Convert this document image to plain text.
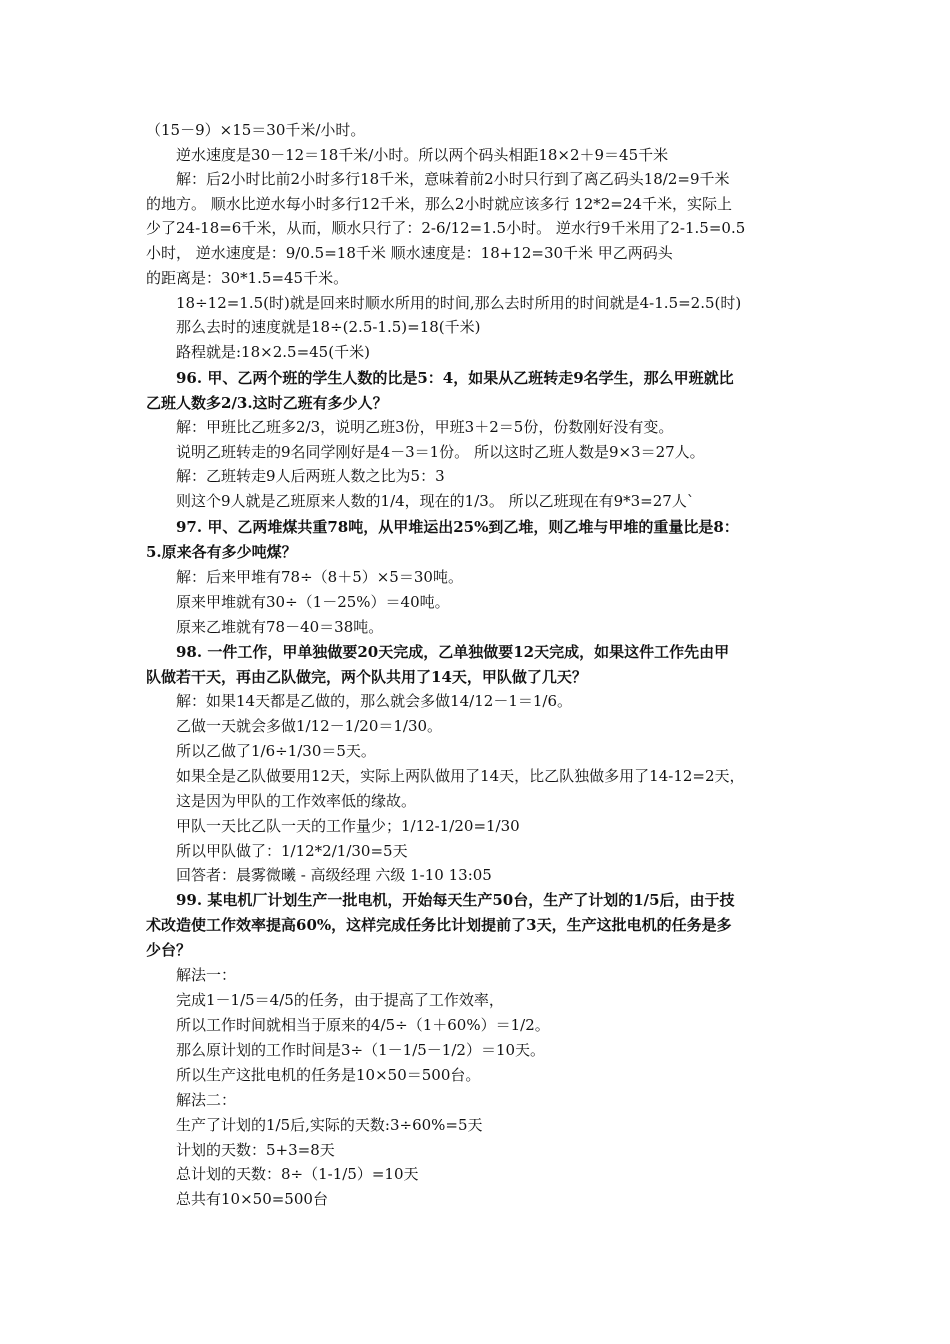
（15－9）×15＝30千米/小时。
逆水速度是30－12＝18千米/小时。所以两个码头相距18×2＋9＝45千米
解：后2小时比前2小时多行18千米，意味着前2小时只行到了离乙码头18/2=9千米
的地方。 顺水比逆水每小时多行12千米，那么2小时就应该多行 12*2=24千米，实际上
少了24-18=6千米，从而，顺水只行了：2-6/12=1.5小时。 逆水行9千米用了2-1.5=0.5
小时， 逆水速度是：9/0.5=18千米 顺水速度是：18+12=30千米 甲乙两码头
的距离是：30*1.5=45千米。
18÷12=1.5(时)就是回来时顺水所用的时间,那么去时所用的时间就是4-1.5=2.5(时)
那么去时的速度就是18÷(2.5-1.5)=18(千米)
路程就是:18×2.5=45(千米)
96. 甲、乙两个班的学生人数的比是5：4，如果从乙班转走9名学生，那么甲班就比
乙班人数多2/3.这时乙班有多少人？
解：甲班比乙班多2/3，说明乙班3份，甲班3＋2＝5份，份数刚好没有变。
说明乙班转走的9名同学刚好是4－3＝1份。 所以这时乙班人数是9×3＝27人。
解：乙班转走9人后两班人数之比为5：3
则这个9人就是乙班原来人数的1/4，现在的1/3。 所以乙班现在有9*3=27人`
97. 甲、乙两堆煤共重78吨，从甲堆运出25%到乙堆，则乙堆与甲堆的重量比是8：
5.原来各有多少吨煤？
解：后来甲堆有78÷（8＋5）×5＝30吨。
原来甲堆就有30÷（1－25%）＝40吨。
原来乙堆就有78－40＝38吨。
98. 一件工作，甲单独做要20天完成，乙单独做要12天完成，如果这件工作先由甲
队做若干天，再由乙队做完，两个队共用了14天，甲队做了几天？
解：如果14天都是乙做的，那么就会多做14/12－1＝1/6。
乙做一天就会多做1/12－1/20＝1/30。
所以乙做了1/6÷1/30＝5天。
如果全是乙队做要用12天，实际上两队做用了14天，比乙队独做多用了14-12=2天，
这是因为甲队的工作效率低的缘故。
甲队一天比乙队一天的工作量少；1/12-1/20=1/30
所以甲队做了：1/12*2/1/30=5天
回答者：晨雾微曦 - 高级经理 六级 1-10 13:05
99. 某电机厂计划生产一批电机，开始每天生产50台，生产了计划的1/5后，由于技
术改造使工作效率提高60%，这样完成任务比计划提前了3天，生产这批电机的任务是多
少台？
解法一：
完成1－1/5＝4/5的任务，由于提高了工作效率，
所以工作时间就相当于原来的4/5÷（1＋60%）＝1/2。
那么原计划的工作时间是3÷（1－1/5－1/2）＝10天。
所以生产这批电机的任务是10×50＝500台。
解法二：
生产了计划的1/5后,实际的天数:3÷60%=5天
计划的天数：5+3=8天
总计划的天数：8÷（1-1/5）=10天
总共有10×50=500台
